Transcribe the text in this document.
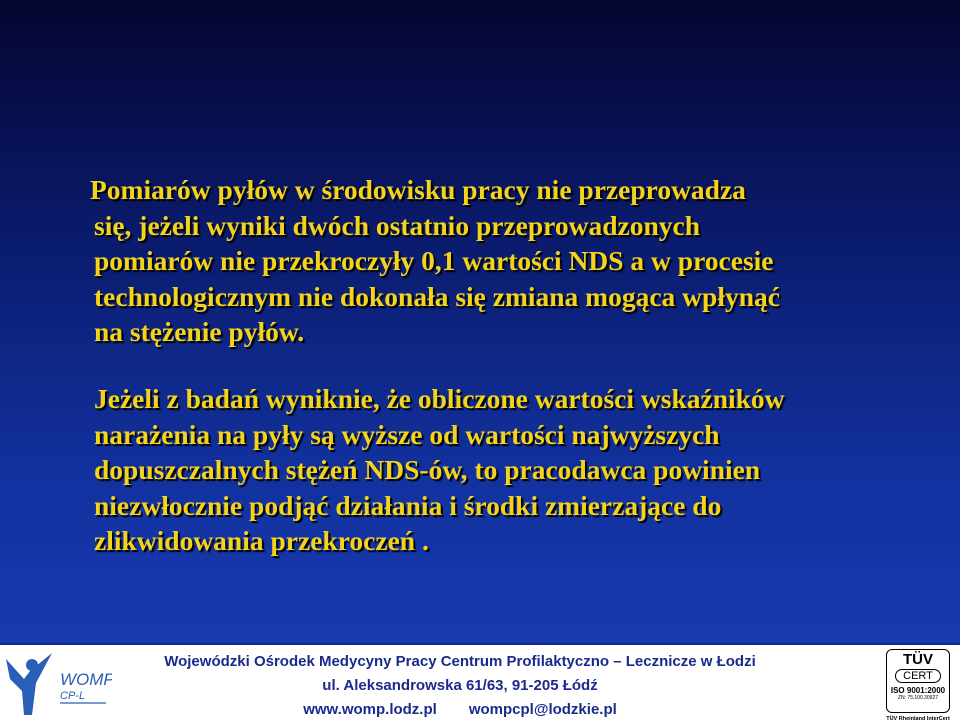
Pomiarów pyłów w środowisku pracy nie przeprowadza
się, jeżeli wyniki dwóch ostatnio przeprowadzonych
pomiarów nie przekroczyły 0,1 wartości NDS a w procesie
technologicznym nie dokonała się zmiana mogąca wpłynąć
na stężenie pyłów.
Jeżeli z badań wyniknie, że obliczone wartości wskaźników
narażenia na pyły są wyższe od wartości najwyższych
dopuszczalnych stężeń NDS-ów, to pracodawca powinien
niezwłocznie podjąć działania i środki zmierzające do
zlikwidowania przekroczeń .
WOMP
CP-L
Wojewódzki Ośrodek Medycyny Pracy Centrum Profilaktyczno – Lecznicze w Łodzi
ul. Aleksandrowska 61/63, 91-205 Łódź
www.womp.lodz.pl wompcpl@lodzkie.pl
TÜV
CERT
ISO 9001:2000
ZN: 75.100.30927
TÜV Rheinland InterCert
